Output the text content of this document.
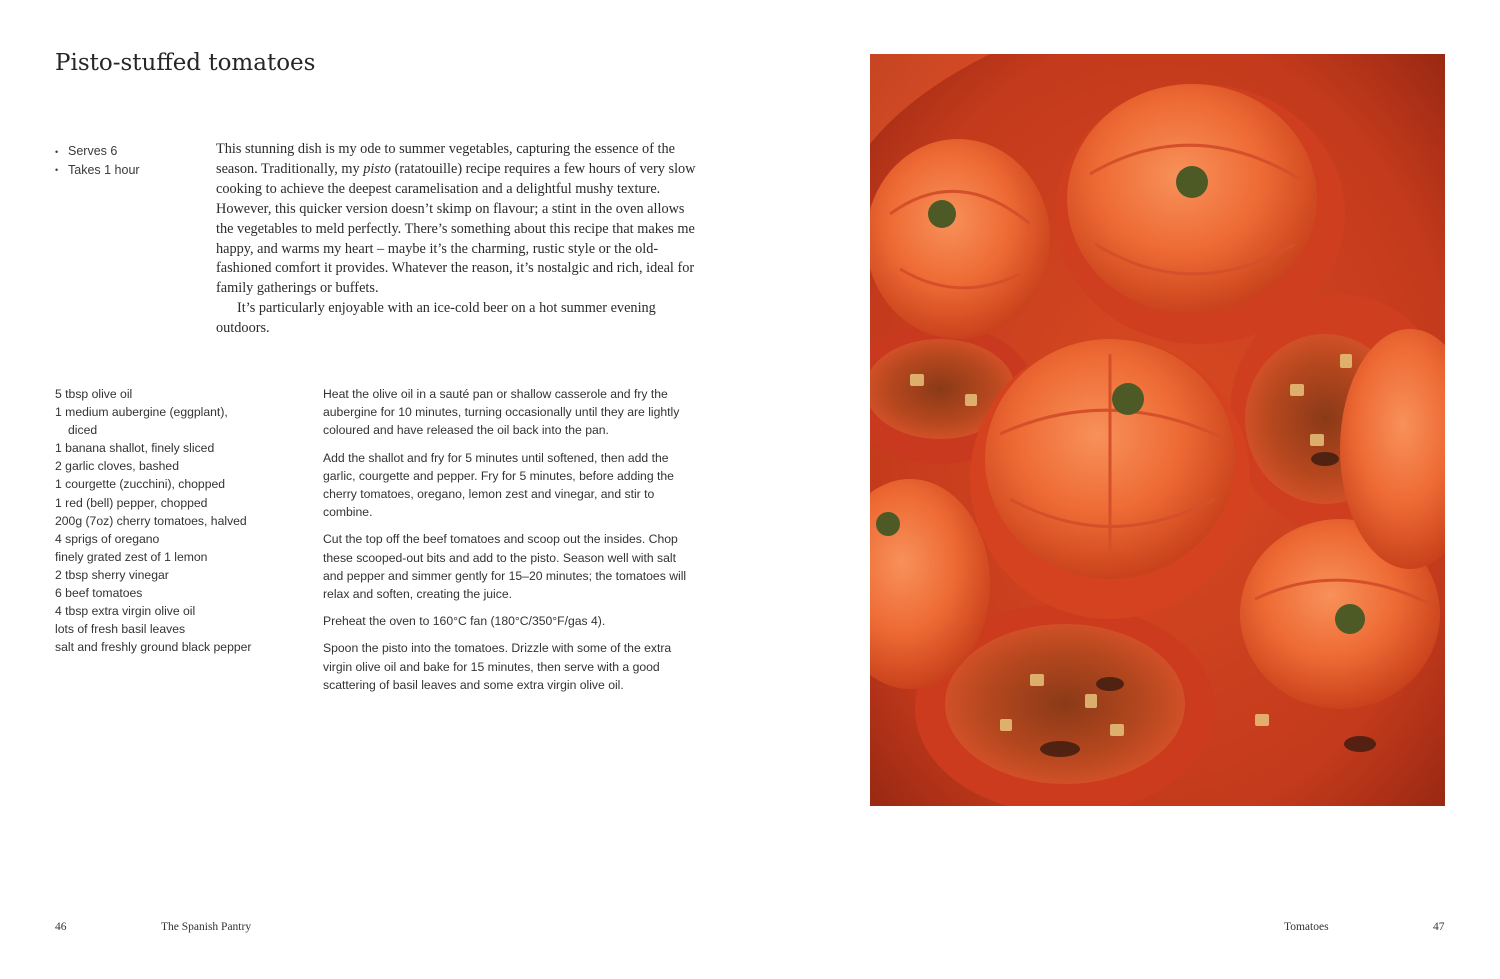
Pisto-stuffed tomatoes
• Serves 6
• Takes 1 hour

This stunning dish is my ode to summer vegetables, capturing the essence of the season. Traditionally, my pisto (ratatouille) recipe requires a few hours of very slow cooking to achieve the deepest caramelisation and a delightful mushy texture. However, this quicker version doesn’t skimp on flavour; a stint in the oven allows the vegetables to meld perfectly. There’s something about this recipe that makes me happy, and warms my heart – maybe it’s the charming, rustic style or the old-fashioned comfort it provides. Whatever the reason, it’s nostalgic and rich, ideal for family gatherings or buffets.

It’s particularly enjoyable with an ice-cold beer on a hot summer evening outdoors.

5 tbsp olive oil
1 medium aubergine (eggplant),
diced
1 banana shallot, finely sliced
2 garlic cloves, bashed
1 courgette (zucchini), chopped
1 red (bell) pepper, chopped
200g (7oz) cherry tomatoes, halved
4 sprigs of oregano
finely grated zest of 1 lemon
2 tbsp sherry vinegar
6 beef tomatoes
4 tbsp extra virgin olive oil
lots of fresh basil leaves
salt and freshly ground black pepper

Heat the olive oil in a sauté pan or shallow casserole and fry the aubergine for 10 minutes, turning occasionally until they are lightly coloured and have released the oil back into the pan.

Add the shallot and fry for 5 minutes until softened, then add the garlic, courgette and pepper. Fry for 5 minutes, before adding the cherry tomatoes, oregano, lemon zest and vinegar, and stir to combine.

Cut the top off the beef tomatoes and scoop out the insides. Chop these scooped-out bits and add to the pisto. Season well with salt and pepper and simmer gently for 15–20 minutes; the tomatoes will relax and soften, creating the juice.

Preheat the oven to 160°C fan (180°C/350°F/gas 4).

Spoon the pisto into the tomatoes. Drizzle with some of the extra virgin olive oil and bake for 15 minutes, then serve with a good scattering of basil leaves and some extra virgin olive oil.

46	The Spanish Pantry	Tomatoes	47
